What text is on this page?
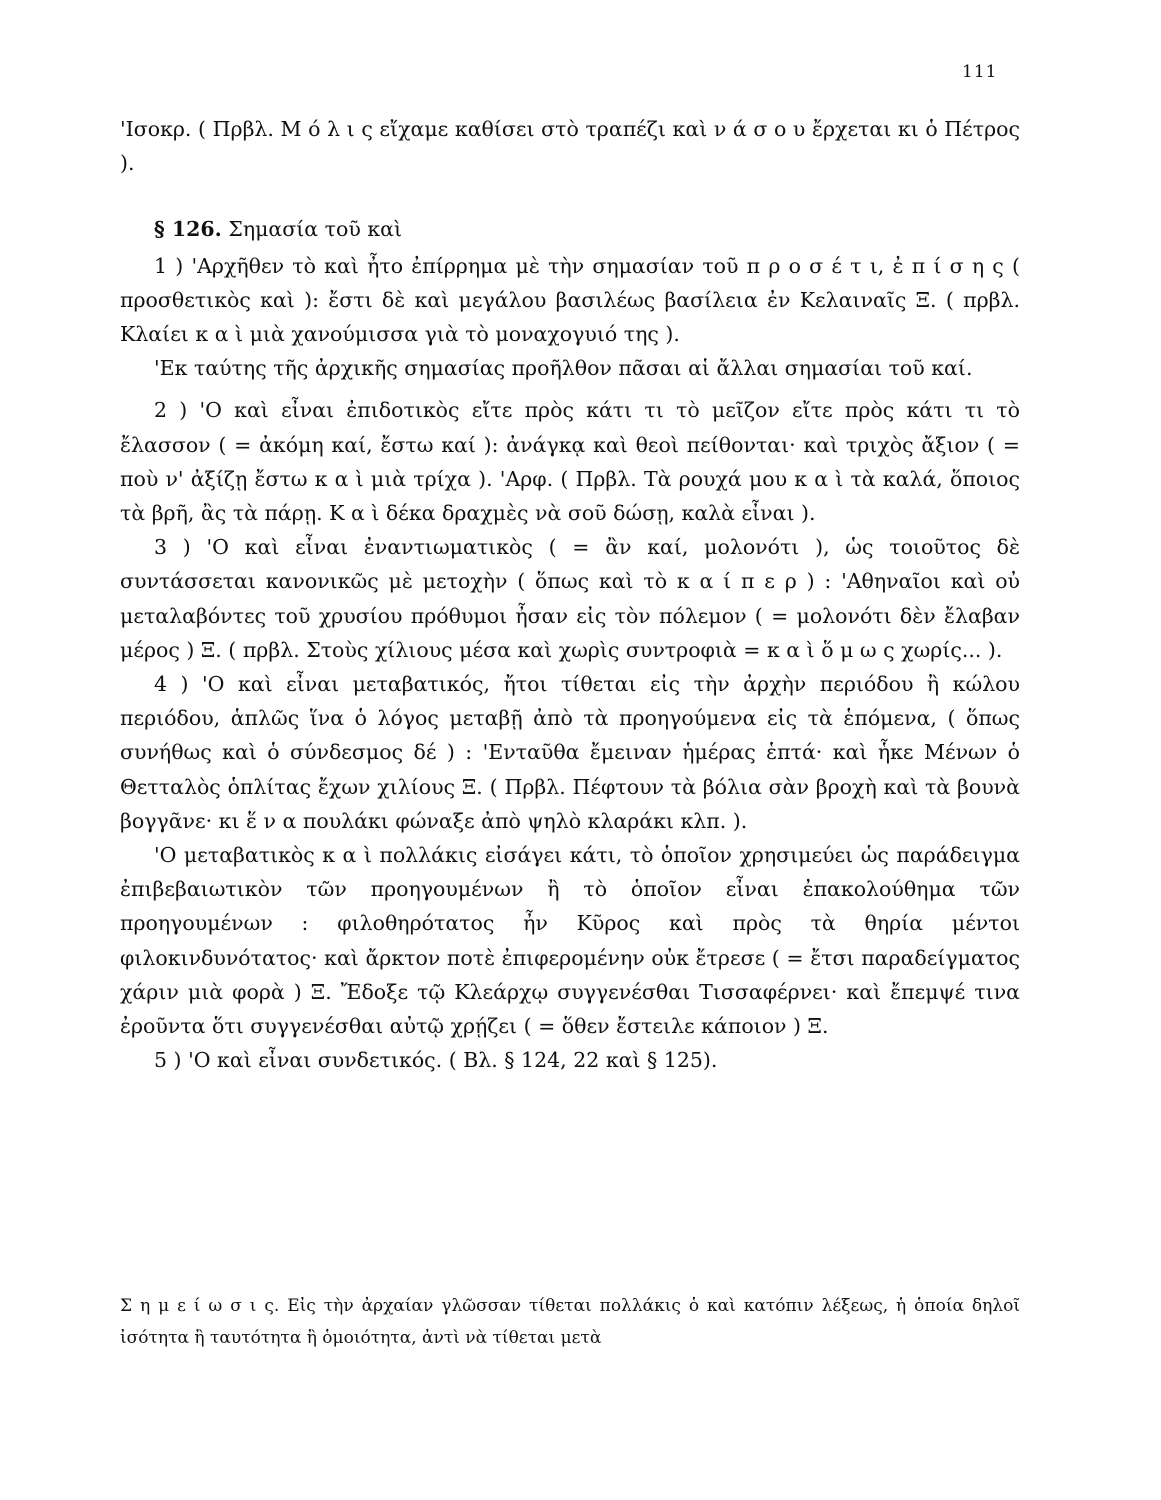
111

'Ισοκρ. ( Πρβλ. Μ ό λ ι ς εἴχαμε καθίσει στὸ τραπέζι καὶ ν ά σ ο υ ἔρχεται κι ὁ Πέτρος ).

§ 126. Σημασία τοῦ καὶ

1 ) 'Αρχῆθεν τὸ καὶ ἦτο ἐπίρρημα μὲ τὴν σημασίαν τοῦ π ρ ο σ έ τ ι, ἐ π ί σ η ς ( προσθετικὸς καὶ ): ἔστι δὲ καὶ μεγάλου βασιλέως βασίλεια ἐν Κελαιναῖς Ξ. ( πρβλ. Κλαίει κ α ὶ μιὰ χανούμισσα γιὰ τὸ μοναχογυιό της ).

'Εκ ταύτης τῆς ἀρχικῆς σημασίας προῆλθον πᾶσαι αἱ ἄλλαι σημασίαι τοῦ καί.

2 ) 'Ο καὶ εἶναι ἐπιδοτικὸς εἴτε πρὸς κάτι τι τὸ μεῖζον εἴτε πρὸς κάτι τι τὸ ἔλασσον ( = ἀκόμη καί, ἔστω καί ): ἀνάγκᾳ καὶ θεοὶ πείθονται· καὶ τριχὸς ἄξιον ( = ποὺ ν' ἀξίζῃ ἔστω κ α ὶ μιὰ τρίχα ). 'Αρφ. ( Πρβλ. Τὰ ρουχά μου κ α ὶ τὰ καλά, ὅποιος τὰ βρῆ, ἂς τὰ πάρῃ. Κ α ὶ δέκα δραχμὲς νὰ σοῦ δώσῃ, καλὰ εἶναι ).

3 ) 'Ο καὶ εἶναι ἐναντιωματικὸς ( = ἂν καί, μολονότι ), ὡς τοιοῦτος δὲ συντάσσεται κανονικῶς μὲ μετοχὴν ( ὅπως καὶ τὸ κ α ί π ε ρ ) : 'Αθηναῖοι καὶ οὐ μεταλαβόντες τοῦ χρυσίου πρόθυμοι ἦσαν εἰς τὸν πόλεμον ( = μολονότι δὲν ἔλαβαν μέρος ) Ξ. ( πρβλ. Στοὺς χίλιους μέσα καὶ χωρὶς συντροφιὰ = κ α ὶ ὅ μ ω ς χωρίς... ).

4 ) 'Ο καὶ εἶναι μεταβατικός, ἤτοι τίθεται εἰς τὴν ἀρχὴν περιόδου ἢ κώλου περιόδου, ἁπλῶς ἵνα ὁ λόγος μεταβῇ ἀπὸ τὰ προηγούμενα εἰς τὰ ἑπόμενα, ( ὅπως συνήθως καὶ ὁ σύνδεσμος δέ ) : 'Ενταῦθα ἔμειναν ἡμέρας ἑπτά· καὶ ἧκε Μένων ὁ Θετταλὸς ὁπλίτας ἔχων χιλίους Ξ. ( Πρβλ. Πέφτουν τὰ βόλια σὰν βροχὴ καὶ τὰ βουνὰ βογγᾶνε· κι ἕ ν α πουλάκι φώναξε ἀπὸ ψηλὸ κλαράκι κλπ. ).

'Ο μεταβατικὸς κ α ὶ πολλάκις εἰσάγει κάτι, τὸ ὁποῖον χρησιμεύει ὡς παράδειγμα ἐπιβεβαιωτικὸν τῶν προηγουμένων ἢ τὸ ὁποῖον εἶναι ἐπακολούθημα τῶν προηγουμένων : φιλοθηρότατος ἦν Κῦρος καὶ πρὸς τὰ θηρία μέντοι φιλοκινδυνότατος· καὶ ἄρκτον ποτὲ ἐπιφερομένην οὐκ ἔτρεσε ( = ἔτσι παραδείγματος χάριν μιὰ φορὰ ) Ξ. Ἔδοξε τῷ Κλεάρχῳ συγγενέσθαι Τισσαφέρνει· καὶ ἔπεμψέ τινα ἐροῦντα ὅτι συγγενέσθαι αὐτῷ χρῄζει ( = ὅθεν ἔστειλε κάποιον ) Ξ.

5 ) 'Ο καὶ εἶναι συνδετικός. ( Βλ. § 124, 22 καὶ § 125).

Σ η μ ε ί ω σ ι ς. Εἰς τὴν ἀρχαίαν γλῶσσαν τίθεται πολλάκις ὁ καὶ κατόπιν λέξεως, ἡ ὁποία δηλοῖ ἰσότητα ἢ ταυτότητα ἢ ὁμοιότητα, ἀντὶ νὰ τίθεται μετὰ
